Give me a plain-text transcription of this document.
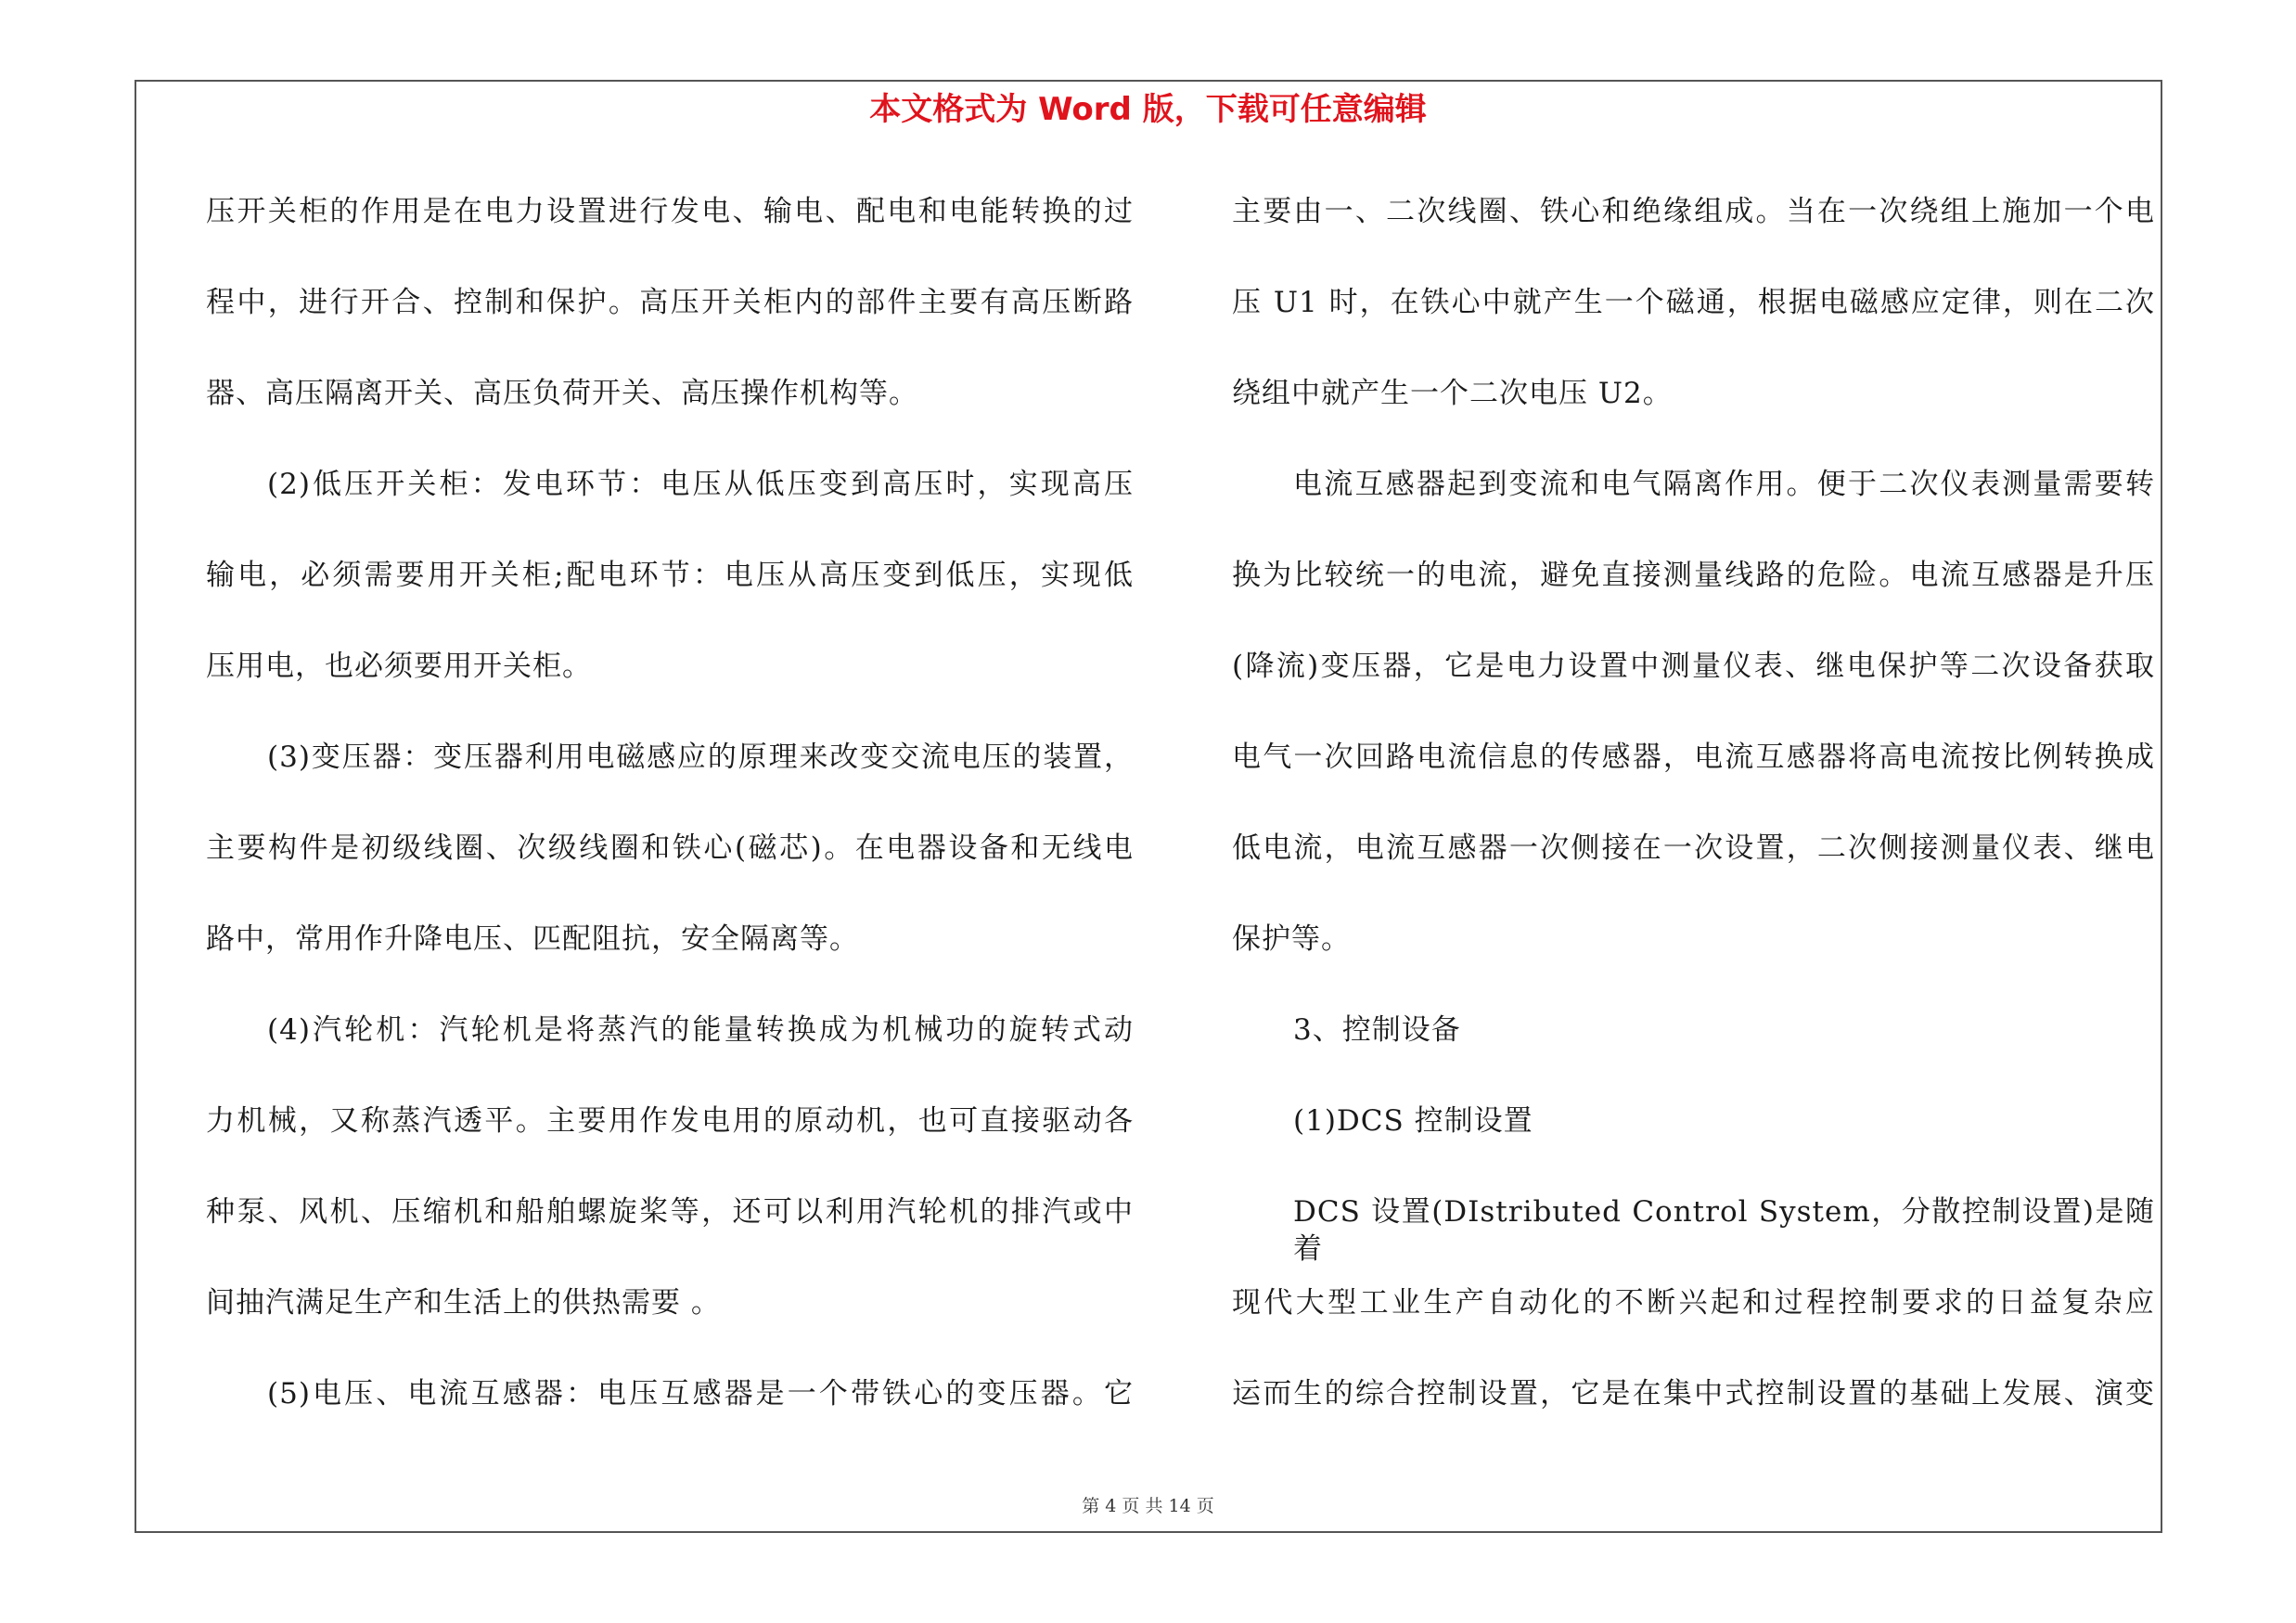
本文格式为 Word 版，下载可任意编辑
压开关柜的作用是在电力设置进行发电、输电、配电和电能转换的过
程中，进行开合、控制和保护。高压开关柜内的部件主要有高压断路
器、高压隔离开关、高压负荷开关、高压操作机构等。
(2)低压开关柜：发电环节：电压从低压变到高压时，实现高压
输电，必须需要用开关柜;配电环节：电压从高压变到低压，实现低
压用电，也必须要用开关柜。
(3)变压器：变压器利用电磁感应的原理来改变交流电压的装置，
主要构件是初级线圈、次级线圈和铁心(磁芯)。在电器设备和无线电
路中，常用作升降电压、匹配阻抗，安全隔离等。
(4)汽轮机：汽轮机是将蒸汽的能量转换成为机械功的旋转式动
力机械，又称蒸汽透平。主要用作发电用的原动机，也可直接驱动各
种泵、风机、压缩机和船舶螺旋桨等，还可以利用汽轮机的排汽或中
间抽汽满足生产和生活上的供热需要 。
(5)电压、电流互感器：电压互感器是一个带铁心的变压器。它
主要由一、二次线圈、铁心和绝缘组成。当在一次绕组上施加一个电
压 U1 时，在铁心中就产生一个磁通，根据电磁感应定律，则在二次
绕组中就产生一个二次电压 U2。
电流互感器起到变流和电气隔离作用。便于二次仪表测量需要转
换为比较统一的电流，避免直接测量线路的危险。电流互感器是升压
(降流)变压器，它是电力设置中测量仪表、继电保护等二次设备获取
电气一次回路电流信息的传感器，电流互感器将高电流按比例转换成
低电流，电流互感器一次侧接在一次设置，二次侧接测量仪表、继电
保护等。
3、控制设备
(1)DCS 控制设置
DCS 设置(DIstributed Control System，分散控制设置)是随着
现代大型工业生产自动化的不断兴起和过程控制要求的日益复杂应
运而生的综合控制设置，它是在集中式控制设置的基础上发展、演变
第 4 页 共 14 页
